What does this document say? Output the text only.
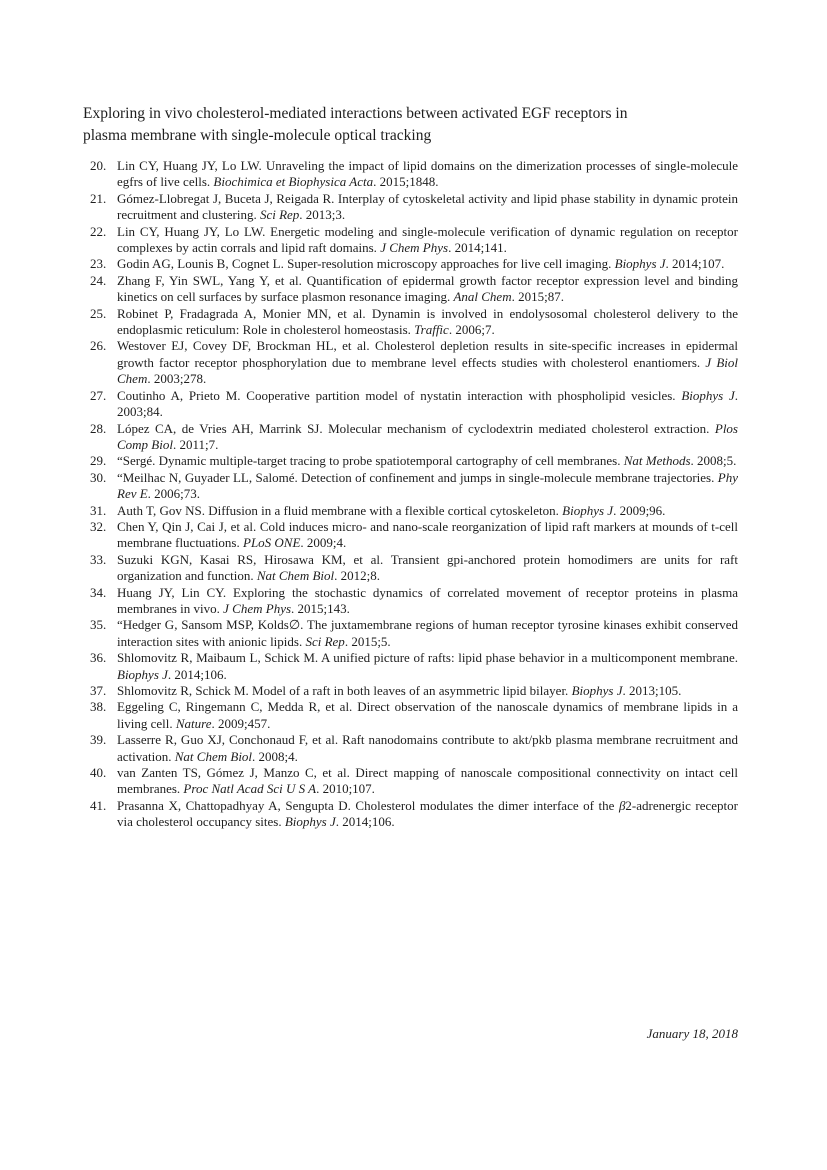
Exploring in vivo cholesterol-mediated interactions between activated EGF receptors in
plasma membrane with single-molecule optical tracking
20. Lin CY, Huang JY, Lo LW. Unraveling the impact of lipid domains on the dimerization processes of single-molecule egfrs of live cells. Biochimica et Biophysica Acta. 2015;1848.
21. Gómez-Llobregat J, Buceta J, Reigada R. Interplay of cytoskeletal activity and lipid phase stability in dynamic protein recruitment and clustering. Sci Rep. 2013;3.
22. Lin CY, Huang JY, Lo LW. Energetic modeling and single-molecule verification of dynamic regulation on receptor complexes by actin corrals and lipid raft domains. J Chem Phys. 2014;141.
23. Godin AG, Lounis B, Cognet L. Super-resolution microscopy approaches for live cell imaging. Biophys J. 2014;107.
24. Zhang F, Yin SWL, Yang Y, et al. Quantification of epidermal growth factor receptor expression level and binding kinetics on cell surfaces by surface plasmon resonance imaging. Anal Chem. 2015;87.
25. Robinet P, Fradagrada A, Monier MN, et al. Dynamin is involved in endolysosomal cholesterol delivery to the endoplasmic reticulum: Role in cholesterol homeostasis. Traffic. 2006;7.
26. Westover EJ, Covey DF, Brockman HL, et al. Cholesterol depletion results in site-specific increases in epidermal growth factor receptor phosphorylation due to membrane level effects studies with cholesterol enantiomers. J Biol Chem. 2003;278.
27. Coutinho A, Prieto M. Cooperative partition model of nystatin interaction with phospholipid vesicles. Biophys J. 2003;84.
28. López CA, de Vries AH, Marrink SJ. Molecular mechanism of cyclodextrin mediated cholesterol extraction. Plos Comp Biol. 2011;7.
29. “Sergé. Dynamic multiple-target tracing to probe spatiotemporal cartography of cell membranes. Nat Methods. 2008;5.
30. “Meilhac N, Guyader LL, Salomé. Detection of confinement and jumps in single-molecule membrane trajectories. Phy Rev E. 2006;73.
31. Auth T, Gov NS. Diffusion in a fluid membrane with a flexible cortical cytoskeleton. Biophys J. 2009;96.
32. Chen Y, Qin J, Cai J, et al. Cold induces micro- and nano-scale reorganization of lipid raft markers at mounds of t-cell membrane fluctuations. PLoS ONE. 2009;4.
33. Suzuki KGN, Kasai RS, Hirosawa KM, et al. Transient gpi-anchored protein homodimers are units for raft organization and function. Nat Chem Biol. 2012;8.
34. Huang JY, Lin CY. Exploring the stochastic dynamics of correlated movement of receptor proteins in plasma membranes in vivo. J Chem Phys. 2015;143.
35. “Hedger G, Sansom MSP, Kolds∅. The juxtamembrane regions of human receptor tyrosine kinases exhibit conserved interaction sites with anionic lipids. Sci Rep. 2015;5.
36. Shlomovitz R, Maibaum L, Schick M. A unified picture of rafts: lipid phase behavior in a multicomponent membrane. Biophys J. 2014;106.
37. Shlomovitz R, Schick M. Model of a raft in both leaves of an asymmetric lipid bilayer. Biophys J. 2013;105.
38. Eggeling C, Ringemann C, Medda R, et al. Direct observation of the nanoscale dynamics of membrane lipids in a living cell. Nature. 2009;457.
39. Lasserre R, Guo XJ, Conchonaud F, et al. Raft nanodomains contribute to akt/pkb plasma membrane recruitment and activation. Nat Chem Biol. 2008;4.
40. van Zanten TS, Gómez J, Manzo C, et al. Direct mapping of nanoscale compositional connectivity on intact cell membranes. Proc Natl Acad Sci U S A. 2010;107.
41. Prasanna X, Chattopadhyay A, Sengupta D. Cholesterol modulates the dimer interface of the β2-adrenergic receptor via cholesterol occupancy sites. Biophys J. 2014;106.
January 18, 2018
